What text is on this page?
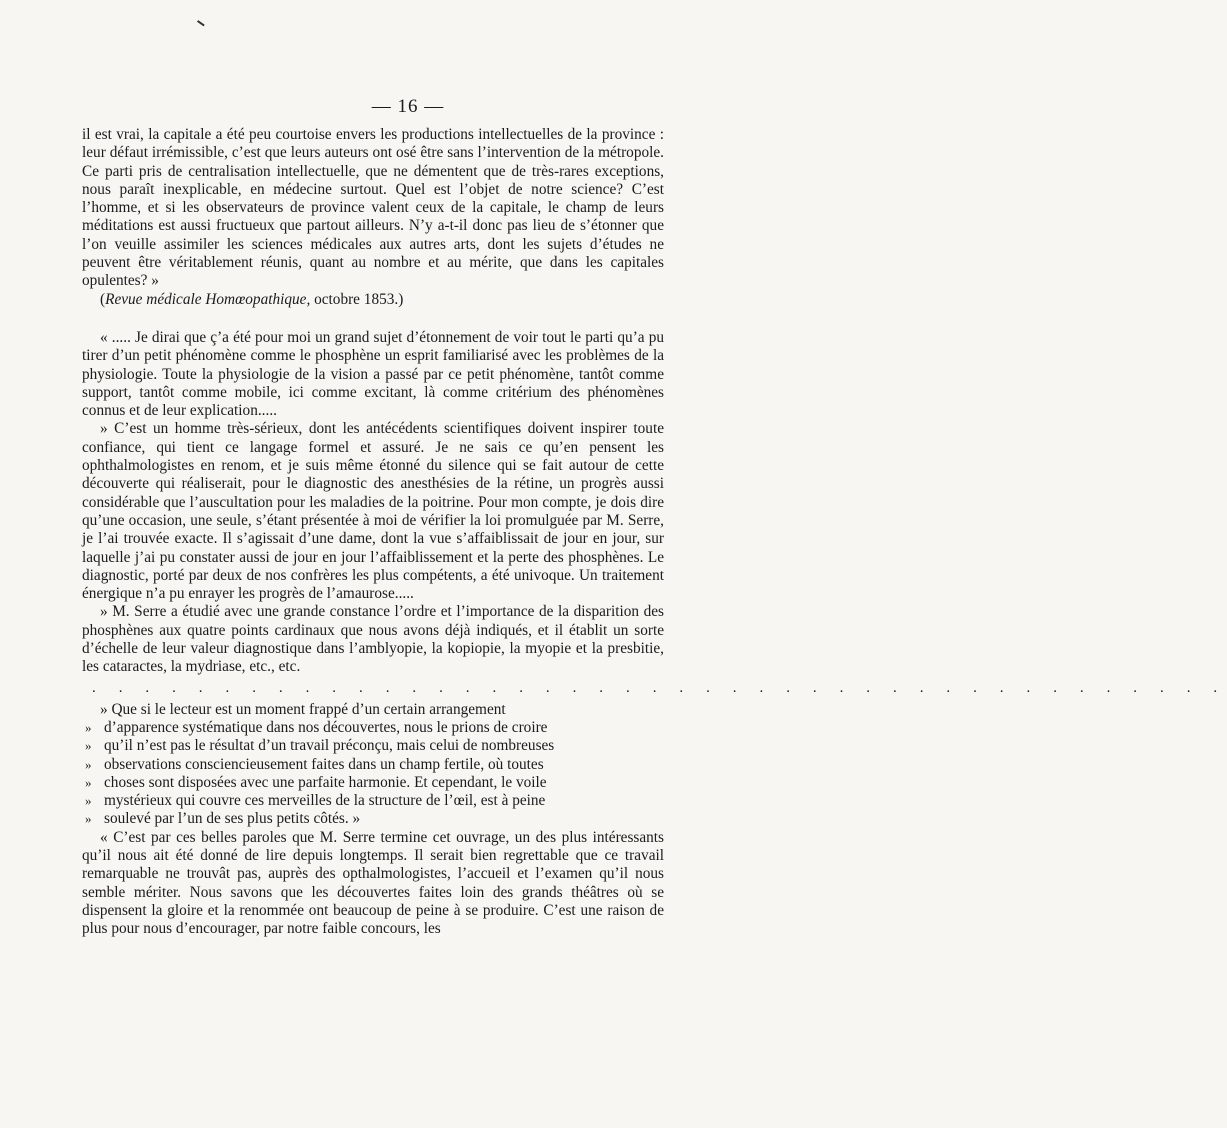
— 16 —

il est vrai, la capitale a été peu courtoise envers les productions intellectuelles de la province : leur défaut irrémissible, c’est que leurs auteurs ont osé être sans l’intervention de la métropole. Ce parti pris de centralisation intellectuelle, que ne démentent que de très-rares exceptions, nous paraît inexplicable, en médecine surtout. Quel est l’objet de notre science? C’est l’homme, et si les observateurs de province valent ceux de la capitale, le champ de leurs méditations est aussi fructueux que partout ailleurs. N’y a-t-il donc pas lieu de s’étonner que l’on veuille assimiler les sciences médicales aux autres arts, dont les sujets d’études ne peuvent être véritablement réunis, quant au nombre et au mérite, que dans les capitales opulentes? »

(Revue médicale Homœopathique, octobre 1853.)

« ..... Je dirai que ç’a été pour moi un grand sujet d’étonnement de voir tout le parti qu’a pu tirer d’un petit phénomène comme le phosphène un esprit familiarisé avec les problèmes de la physiologie. Toute la physiologie de la vision a passé par ce petit phénomène, tantôt comme support, tantôt comme mobile, ici comme excitant, là comme critérium des phénomènes connus et de leur explication.....

» C’est un homme très-sérieux, dont les antécédents scientifiques doivent inspirer toute confiance, qui tient ce langage formel et assuré. Je ne sais ce qu’en pensent les ophthalmologistes en renom, et je suis même étonné du silence qui se fait autour de cette découverte qui réaliserait, pour le diagnostic des anesthésies de la rétine, un progrès aussi considérable que l’auscultation pour les maladies de la poitrine. Pour mon compte, je dois dire qu’une occasion, une seule, s’étant présentée à moi de vérifier la loi promulguée par M. Serre, je l’ai trouvée exacte. Il s’agissait d’une dame, dont la vue s’affaiblissait de jour en jour, sur laquelle j’ai pu constater aussi de jour en jour l’affaiblissement et la perte des phosphènes. Le diagnostic, porté par deux de nos confrères les plus compétents, a été univoque. Un traitement énergique n’a pu enrayer les progrès de l’amaurose.....

» M. Serre a étudié avec une grande constance l’ordre et l’importance de la disparition des phosphènes aux quatre points cardinaux que nous avons déjà indiqués, et il établit un sorte d’échelle de leur valeur diagnostique dans l’amblyopie, la kopiopie, la myopie et la presbitie, les cataractes, la mydriase, etc., etc.

. . . . . . . . . . . . . . . . . . . . . . . . . . . . . . . . . . . . . . . . . . .

» Que si le lecteur est un moment frappé d’un certain arrangement

» d’apparence systématique dans nos découvertes, nous le prions de croire

» qu’il n’est pas le résultat d’un travail préconçu, mais celui de nombreuses

» observations consciencieusement faites dans un champ fertile, où toutes

» choses sont disposées avec une parfaite harmonie. Et cependant, le voile

» mystérieux qui couvre ces merveilles de la structure de l’œil, est à peine

» soulevé par l’un de ses plus petits côtés. »

« C’est par ces belles paroles que M. Serre termine cet ouvrage, un des plus intéressants qu’il nous ait été donné de lire depuis longtemps. Il serait bien regrettable que ce travail remarquable ne trouvât pas, auprès des opthalmologistes, l’accueil et l’examen qu’il nous semble mériter. Nous savons que les découvertes faites loin des grands théâtres où se dispensent la gloire et la renommée ont beaucoup de peine à se produire. C’est une raison de plus pour nous d’encourager, par notre faible concours, les
